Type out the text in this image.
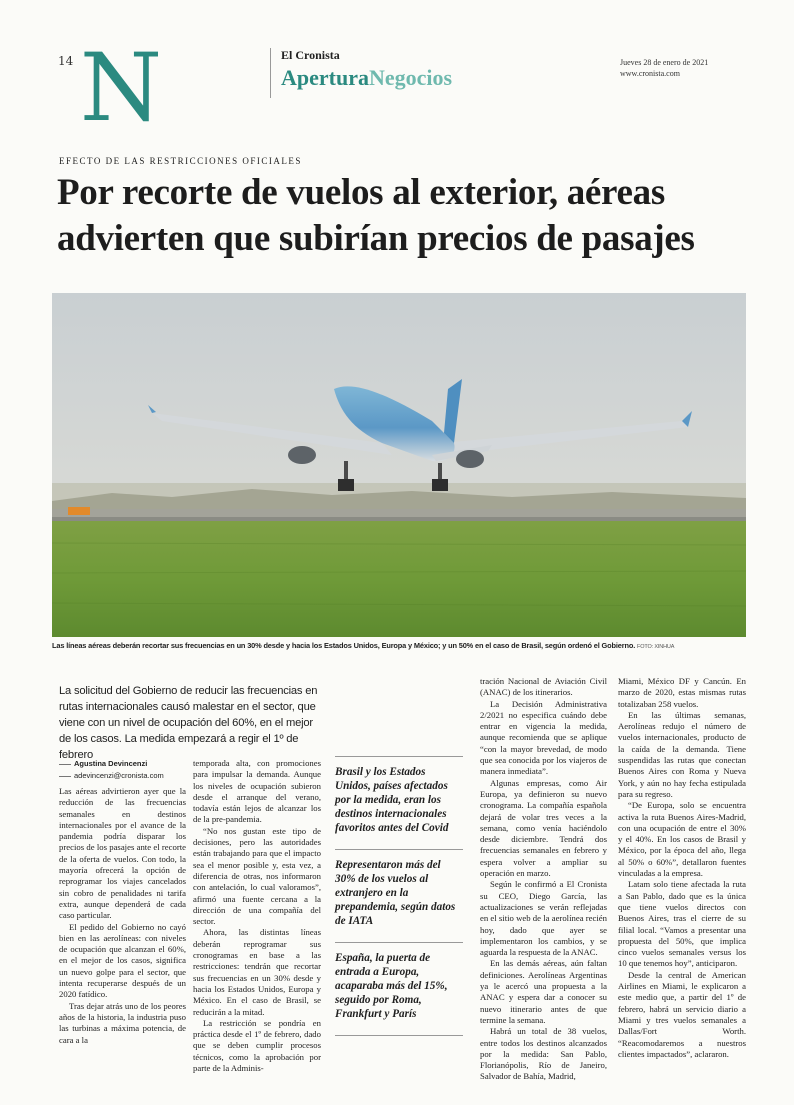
14 N	El Cronista
AperturaNegocios
Jueves 28 de enero de 2021
www.cronista.com
EFECTO DE LAS RESTRICCIONES OFICIALES
Por recorte de vuelos al exterior, aéreas advierten que subirían precios de pasajes
Las líneas aéreas deberán recortar sus frecuencias en un 30% desde y hacia los Estados Unidos, Europa y México; y un 50% en el caso de Brasil, según ordenó el Gobierno. FOTO: XINHUA
La solicitud del Gobierno de reducir las frecuencias en rutas internacionales causó malestar en el sector, que viene con un nivel de ocupación del 60%, en el mejor de los casos. La medida empezará a regir el 1º de febrero
Agustina Devincenzi
adevincenzi@cronista.com

Las aéreas advirtieron ayer que la reducción de las frecuencias semanales en destinos internacionales por el avance de la pandemia podría disparar los precios de los pasajes ante el recorte de la oferta de vuelos. Con todo, la mayoría ofrecerá la opción de reprogramar los viajes cancelados sin cobro de penalidades ni tarifa extra, aunque dependerá de cada caso particular.

El pedido del Gobierno no cayó bien en las aerolíneas: con niveles de ocupación que alcanzan el 60%, en el mejor de los casos, significa un nuevo golpe para el sector, que intenta recuperarse después de un 2020 fatídico.

Tras dejar atrás uno de los peores años de la historia, la industria puso las turbinas a máxima potencia, de cara a la

temporada alta, con promociones para impulsar la demanda. Aunque los niveles de ocupación subieron desde el arranque del verano, todavía están lejos de alcanzar los de la pre-pandemia.

“No nos gustan este tipo de decisiones, pero las autoridades están trabajando para que el impacto sea el menor posible y, esta vez, a diferencia de otras, nos informaron con antelación, lo cual valoramos”, afirmó una fuente cercana a la dirección de una compañía del sector.

Ahora, las distintas líneas deberán reprogramar sus cronogramas en base a las restricciones: tendrán que recortar sus frecuencias en un 30% desde y hacia los Estados Unidos, Europa y México. En el caso de Brasil, se reducirán a la mitad.

La restricción se pondría en práctica desde el 1º de febrero, dado que se deben cumplir procesos técnicos, como la aprobación por parte de la Adminis-

Brasil y los Estados Unidos, países afectados por la medida, eran los destinos internacionales favoritos antes del Covid
Representaron más del 30% de los vuelos al extranjero en la prepandemia, según datos de IATA
España, la puerta de entrada a Europa, acaparaba más del 15%, seguido por Roma, Frankfurt y París

tración Nacional de Aviación Civil (ANAC) de los itinerarios.

La Decisión Administrativa 2/2021 no especifica cuándo debe entrar en vigencia la medida, aunque recomienda que se aplique “con la mayor brevedad, de modo que sea conocida por los viajeros de manera inmediata”.

Algunas empresas, como Air Europa, ya definieron su nuevo cronograma. La compañía española dejará de volar tres veces a la semana, como venía haciéndolo desde diciembre. Tendrá dos frecuencias semanales en febrero y espera volver a ampliar su operación en marzo.

Según le confirmó a El Cronista su CEO, Diego García, las actualizaciones se verán reflejadas en el sitio web de la aerolínea recién hoy, dado que ayer se implementaron los cambios, y se aguarda la respuesta de la ANAC.

En las demás aéreas, aún faltan definiciones. Aerolíneas Argentinas ya le acercó una propuesta a la ANAC y espera dar a conocer su nuevo itinerario antes de que termine la semana.

Habrá un total de 38 vuelos, entre todos los destinos alcanzados por la medida: San Pablo, Florianópolis, Río de Janeiro, Salvador de Bahía, Madrid,

Miami, México DF y Cancún. En marzo de 2020, estas mismas rutas totalizaban 258 vuelos.

En las últimas semanas, Aerolíneas redujo el número de vuelos internacionales, producto de la caída de la demanda. Tiene suspendidas las rutas que conectan Buenos Aires con Roma y Nueva York, y aún no hay fecha estipulada para su regreso.

“De Europa, solo se encuentra activa la ruta Buenos Aires-Madrid, con una ocupación de entre el 30% y el 40%. En los casos de Brasil y México, por la época del año, llega al 50% o 60%”, detallaron fuentes vinculadas a la empresa.

Latam solo tiene afectada la ruta a San Pablo, dado que es la única que tiene vuelos directos con Buenos Aires, tras el cierre de su filial local. “Vamos a presentar una propuesta del 50%, que implica cinco vuelos semanales versus los 10 que tenemos hoy”, anticiparon.

Desde la central de American Airlines en Miami, le explicaron a este medio que, a partir del 1º de febrero, habrá un servicio diario a Miami y tres vuelos semanales a Dallas/Fort Worth. “Reacomodaremos a nuestros clientes impactados”, aclararon.
